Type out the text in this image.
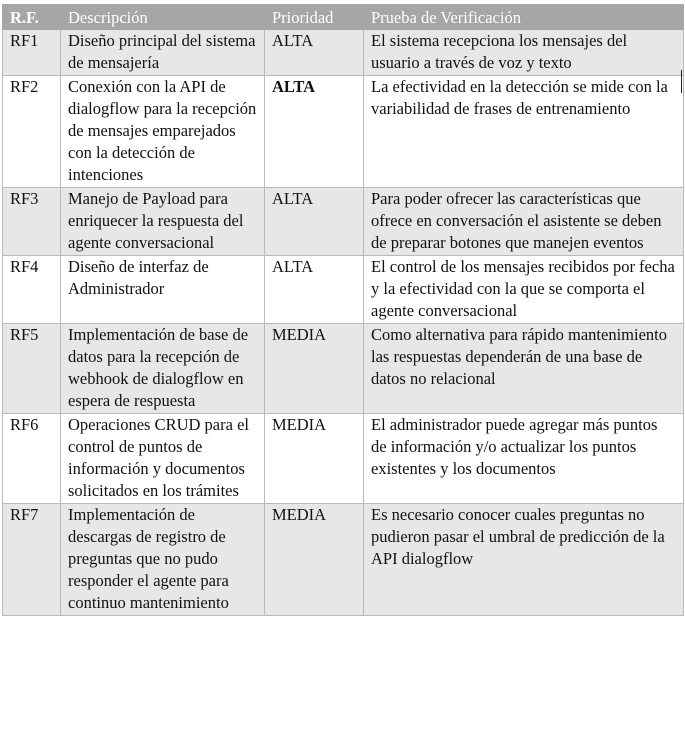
R.F.	Descripción	Prioridad	Prueba de Verificación
RF1	Diseño principal del sistema de mensajería	ALTA	El sistema recepciona los mensajes del usuario a través de voz y texto
RF2	Conexión con la API de dialogflow para la recepción de mensajes emparejados con la detección de intenciones	ALTA	La efectividad en la detección se mide con la variabilidad de frases de entrenamiento
RF3	Manejo de Payload para enriquecer la respuesta del agente conversacional	ALTA	Para poder ofrecer las características que ofrece en conversación el asistente se deben de preparar botones que manejen eventos
RF4	Diseño de interfaz de Administrador	ALTA	El control de los mensajes recibidos por fecha y la efectividad con la que se comporta el agente conversacional
RF5	Implementación de base de datos para la recepción de webhook de dialogflow en espera de respuesta	MEDIA	Como alternativa para rápido mantenimiento las respuestas dependerán de una base de datos no relacional
RF6	Operaciones CRUD para el control de puntos de información y documentos solicitados en los trámites	MEDIA	El administrador puede agregar más puntos de información y/o actualizar los puntos existentes y los documentos
RF7	Implementación de descargas de registro de preguntas que no pudo responder el agente para continuo mantenimiento	MEDIA	Es necesario conocer cuales preguntas no pudieron pasar el umbral de predicción de la API dialogflow
